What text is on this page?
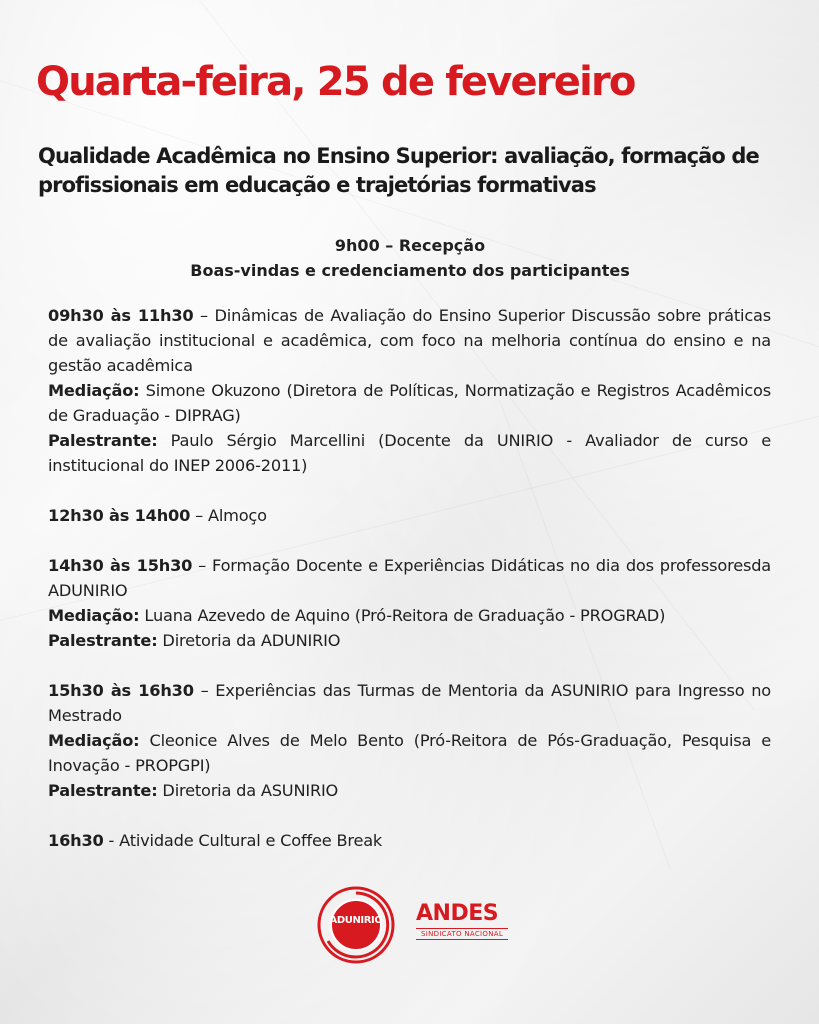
Quarta-feira, 25 de fevereiro
Qualidade Acadêmica no Ensino Superior: avaliação, formação de profissionais em educação e trajetórias formativas
9h00 – Recepção
Boas-vindas e credenciamento dos participantes

09h30 às 11h30 – Dinâmicas de Avaliação do Ensino Superior Discussão sobre práticas de avaliação institucional e acadêmica, com foco na melhoria contínua do ensino e na gestão acadêmica

Mediação: Simone Okuzono (Diretora de Políticas, Normatização e Registros Acadêmicos de Graduação - DIPRAG)

Palestrante: Paulo Sérgio Marcellini (Docente da UNIRIO - Avaliador de curso e institucional do INEP 2006-2011)

12h30 às 14h00 – Almoço

14h30 às 15h30 – Formação Docente e Experiências Didáticas no dia dos professoresda ADUNIRIO

Mediação: Luana Azevedo de Aquino (Pró-Reitora de Graduação - PROGRAD)

Palestrante: Diretoria da ADUNIRIO

15h30 às 16h30 – Experiências das Turmas de Mentoria da ASUNIRIO para Ingresso no Mestrado

Mediação: Cleonice Alves de Melo Bento (Pró-Reitora de Pós-Graduação, Pesquisa e Inovação - PROPGPI)

Palestrante: Diretoria da ASUNIRIO

16h30 - Atividade Cultural e Coffee Break

ADUNIRIO	ANDES
SINDICATO NACIONAL
